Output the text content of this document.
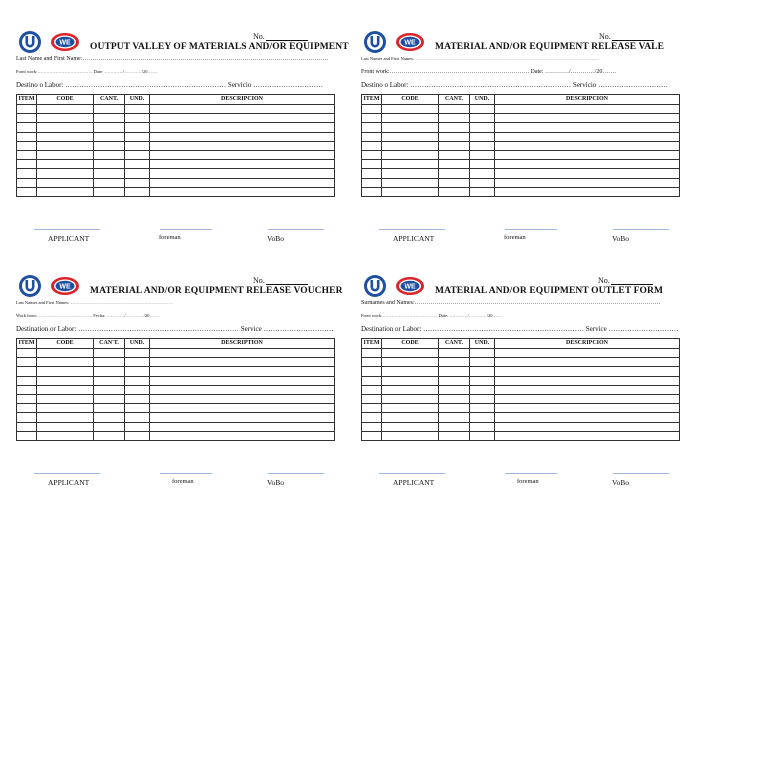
WE
No.
OUTPUT VALLEY OF MATERIALS AND/OR EQUIPMENT
Last Name and First Name:……………………………………………………………………………………………………………
Front work:………………………………. Date: …………/…………/20…….
Destino o Labor: …………………………………………………………… Servicio …………………………
ITEM	CODE	CANT.	UND.	DESCRIPCION

APPLICANT	foreman	VoBo
WE
No.
MATERIAL AND/OR EQUIPMENT RELEASE VALE
Last Names and First Names:……………………………………………………………………………………………………………
Front work:……………………………………………………………. Date: …………/…………/20…….
Destino o Labor: …………………………………………………………… Servicio …………………………
ITEM	CODE	CANT.	UND.	DESCRIPCION

APPLICANT	foreman	VoBo
WE
No.
MATERIAL AND/OR EQUIPMENT RELEASE VOUCHER
Last Names and First Names:……………………………………………………………
Work front:………………………………. Fecha: …………/…………/20…….
Destination or Labor: …………………………………………………………… Service …………………………
ITEM	CODE	CAN'T.	UND.	DESCRIPTION

APPLICANT	foreman	VoBo
WE
No.
MATERIAL AND/OR EQUIPMENT OUTLET FORM
Surnames and Names:……………………………………………………………………………………………………………
Front work:………………………………. Date: …………/…………/20…….
Destination or Labor: …………………………………………………………… Service …………………………
ITEM	CODE	CANT.	UND.	DESCRIPCION

APPLICANT	foreman	VoBo
